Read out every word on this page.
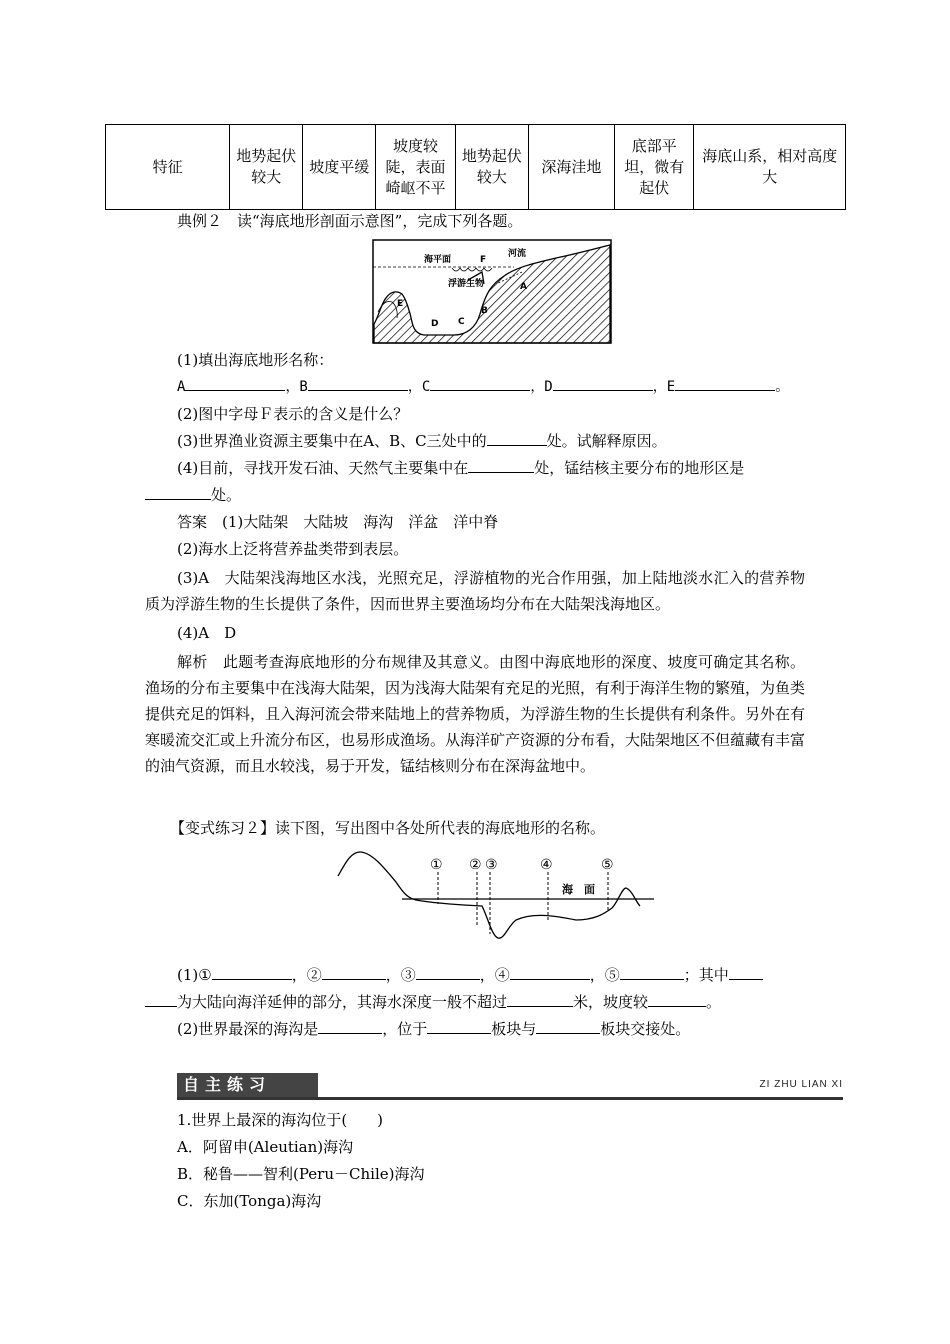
特征	地势起伏较大	坡度平缓	坡度较陡，表面崎岖不平	地势起伏较大	深海洼地	底部平坦，微有起伏	海底山系，相对高度大
典例２　读“海底地形剖面示意图”，完成下列各题。
海平面
河流
F
浮游生物	A
B
C
D
E
(1)填出海底地形名称：
A	，B	，C	，D	，E	。
(2)图中字母Ｆ表示的含义是什么？
(3)世界渔业资源主要集中在A、B、C三处中的	处。试解释原因。
(4)目前，寻找开发石油、天然气主要集中在	处，锰结核主要分布的地形区是
处。
答案　(1)大陆架　大陆坡　海沟　洋盆　洋中脊
(2)海水上泛将营养盐类带到表层。
(3)A　大陆架浅海地区水浅，光照充足，浮游植物的光合作用强，加上陆地淡水汇入的营养物质为浮游生物的生长提供了条件，因而世界主要渔场均分布在大陆架浅海地区。
(4)A　D
解析　此题考查海底地形的分布规律及其意义。由图中海底地形的深度、坡度可确定其名称。渔场的分布主要集中在浅海大陆架，因为浅海大陆架有充足的光照，有利于海洋生物的繁殖，为鱼类提供充足的饵料，且入海河流会带来陆地上的营养物质，为浮游生物的生长提供有利条件。另外在有寒暖流交汇或上升流分布区，也易形成渔场。从海洋矿产资源的分布看，大陆架地区不但蕴藏有丰富的油气资源，而且水较浅，易于开发，锰结核则分布在深海盆地中。
【变式练习２】读下图，写出图中各处所代表的海底地形的名称。
① ② ③	④	⑤
海　面
(1)①	，②	，③	，④	，⑤	；其中
为大陆向海洋延伸的部分，其海水深度一般不超过	米，坡度较	。
(2)世界最深的海沟是	，位于	板块与	板块交接处。
自主练习	ZI ZHU LIAN XI
1.世界上最深的海沟位于(　　)
A．阿留申(Aleutian)海沟
B．秘鲁——智利(Peru－Chile)海沟
C．东加(Tonga)海沟
